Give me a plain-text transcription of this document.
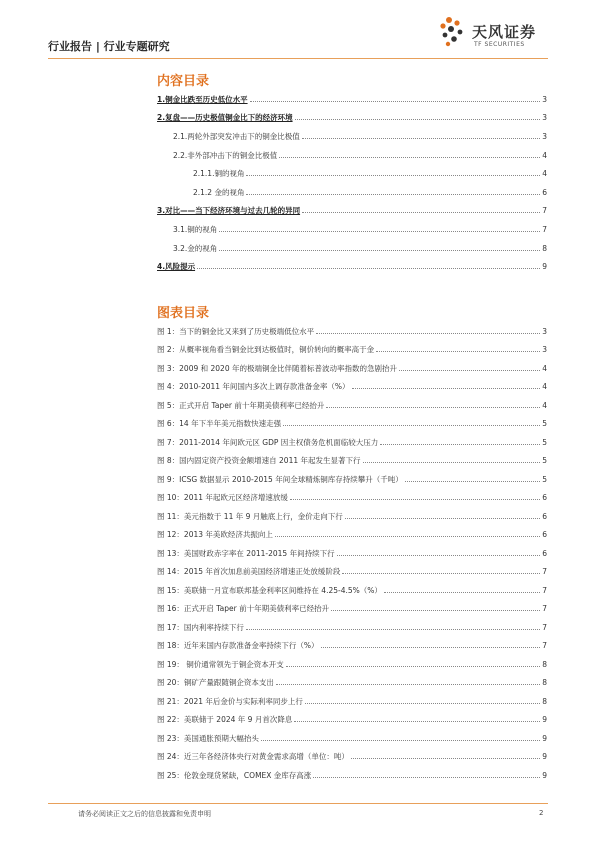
行业报告 | 行业专题研究
天风证券
TF SECURITIES
内容目录
1.铜金比跌至历史低位水平	3
2.复盘——历史极值铜金比下的经济环境	3
2.1.两轮外部突发冲击下的铜金比极值	3
2.2.非外部冲击下的铜金比极值	4
2.1.1.铜的视角	4
2.1.2 金的视角	6
3.对比——当下经济环境与过去几轮的异同	7
3.1.铜的视角	7
3.2.金的视角	8
4.风险提示	9
图表目录
图 1：当下的铜金比又来到了历史极端低位水平	3
图 2：从概率视角看当铜金比到达极值时，铜价转向的概率高于金	3
图 3：2009 和 2020 年的极端铜金比伴随着标普波动率指数的急剧抬升	4
图 4：2010-2011 年间国内多次上调存款准备金率（%）	4
图 5：正式开启 Taper 前十年期美债利率已经抬升	4
图 6：14 年下半年美元指数快速走强	5
图 7：2011-2014 年间欧元区 GDP 因主权债务危机面临较大压力	5
图 8：国内固定资产投资金额增速自 2011 年起发生显著下行	5
图 9：ICSG 数据显示 2010-2015 年间全球精炼铜库存持续攀升（千吨）	5
图 10：2011 年起欧元区经济增速放缓	6
图 11：美元指数于 11 年 9 月触底上行，金价走向下行	6
图 12：2013 年美欧经济共振向上	6
图 13：美国财政赤字率在 2011-2015 年间持续下行	6
图 14：2015 年首次加息前美国经济增速正处放缓阶段	7
图 15：美联储一月宣布联邦基金利率区间维持在 4.25-4.5%（%）	7
图 16：正式开启 Taper 前十年期美债利率已经抬升	7
图 17：国内利率持续下行	7
图 18：近年来国内存款准备金率持续下行（%）	7
图 19： 铜价通常领先于铜企资本开支	8
图 20：铜矿产量跟随铜企资本支出	8
图 21：2021 年后金价与实际利率同步上行	8
图 22：美联储于 2024 年 9 月首次降息	9
图 23：美国通胀预期大幅抬头	9
图 24：近三年各经济体央行对黄金需求高增（单位：吨）	9
图 25：伦敦金现货紧缺，COMEX 金库存高涨	9
请务必阅读正文之后的信息披露和免责申明	2
